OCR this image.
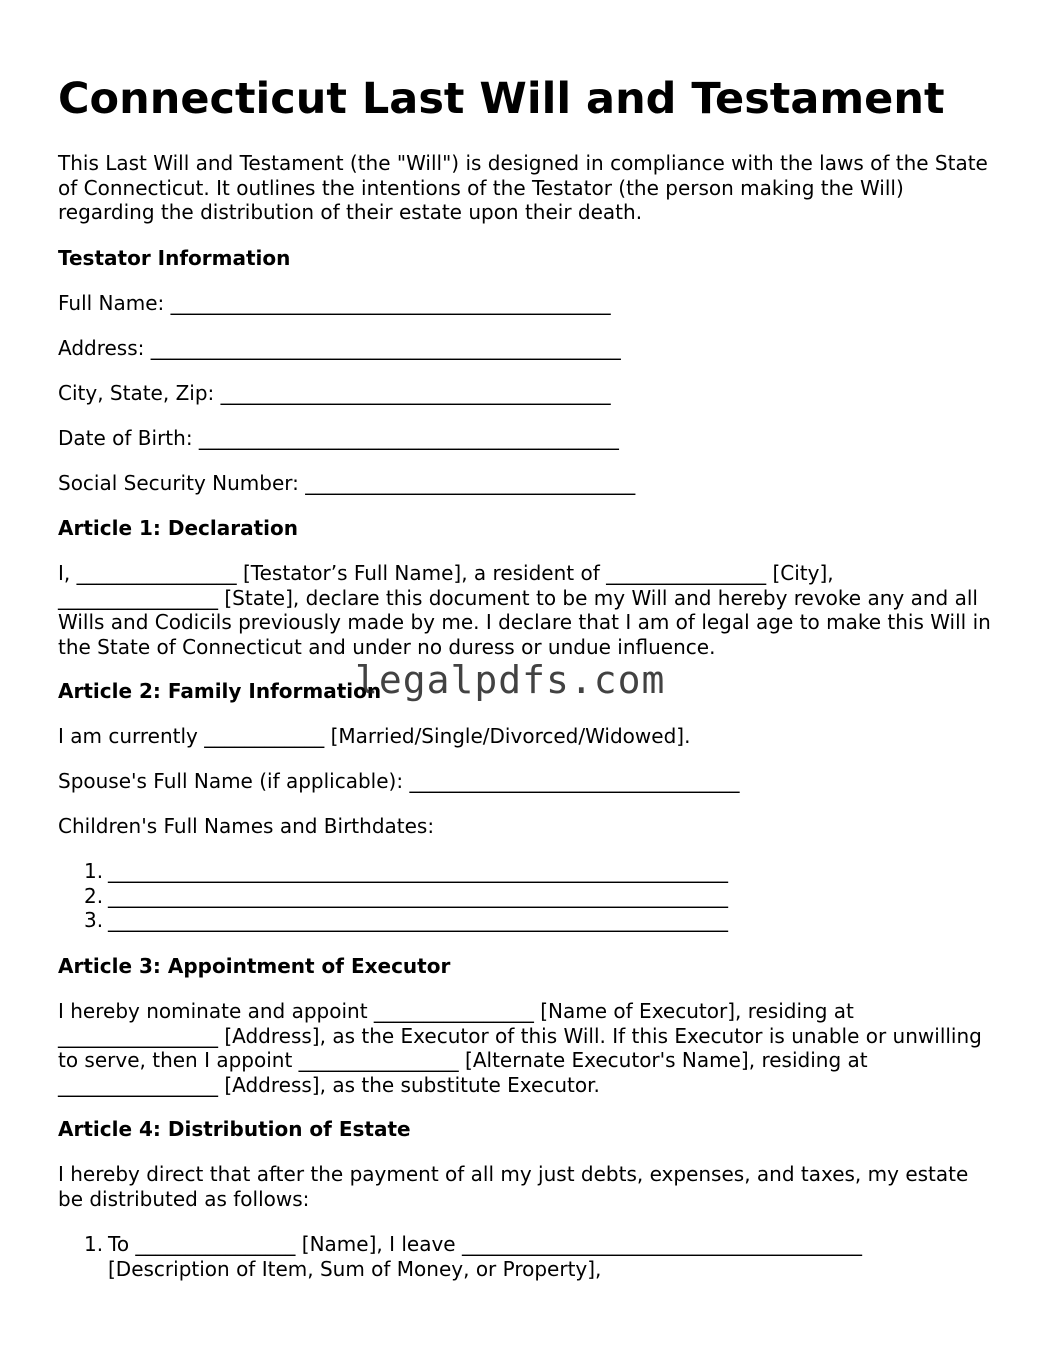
Connecticut Last Will and Testament

This Last Will and Testament (the "Will") is designed in compliance with the laws of the State of Connecticut. It outlines the intentions of the Testator (the person making the Will) regarding the distribution of their estate upon their death.

Testator Information
Full Name: ____________________________________________
Address: _______________________________________________
City, State, Zip: _______________________________________
Date of Birth: __________________________________________
Social Security Number: _________________________________
Article 1: Declaration

I, ________________ [Testator’s Full Name], a resident of ________________ [City], ________________ [State], declare this document to be my Will and hereby revoke any and all Wills and Codicils previously made by me. I declare that I am of legal age to make this Will in the State of Connecticut and under no duress or undue influence.

Article 2: Family Information
I am currently ____________ [Married/Single/Divorced/Widowed].
Spouse's Full Name (if applicable): _________________________________
Children's Full Names and Birthdates:
1. ______________________________________________________________
2. ______________________________________________________________
3. ______________________________________________________________
Article 3: Appointment of Executor

I hereby nominate and appoint ________________ [Name of Executor], residing at ________________ [Address], as the Executor of this Will. If this Executor is unable or unwilling to serve, then I appoint ________________ [Alternate Executor's Name], residing at ________________ [Address], as the substitute Executor.

Article 4: Distribution of Estate

I hereby direct that after the payment of all my just debts, expenses, and taxes, my estate be distributed as follows:

1. To ________________ [Name], I leave ________________________________________ [Description of Item, Sum of Money, or Property],
legalpdfs.com
